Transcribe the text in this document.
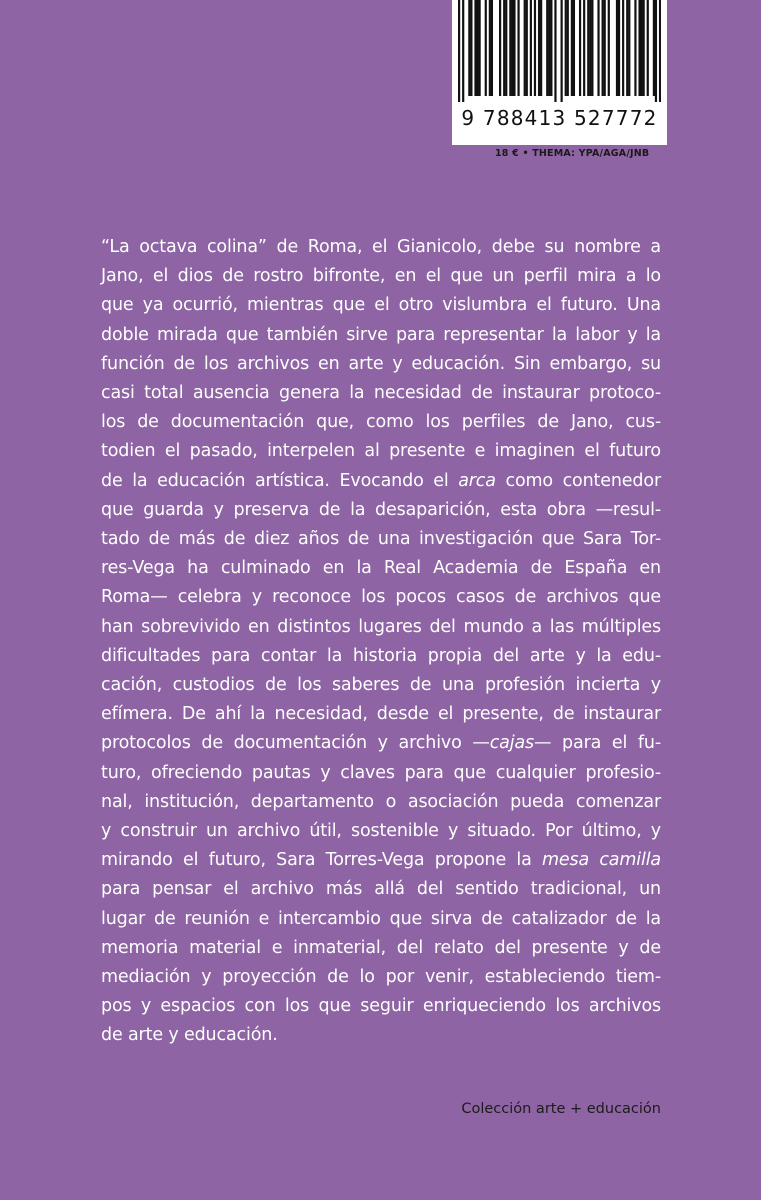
9 788413 527772
18 € • THEMA: YPA/AGA/JNB
“La octava colina” de Roma, el Gianicolo, debe su nombre a
Jano, el dios de rostro bifronte, en el que un perfil mira a lo
que ya ocurrió, mientras que el otro vislumbra el futuro. Una
doble mirada que también sirve para representar la labor y la
función de los archivos en arte y educación. Sin embargo, su
casi total ausencia genera la necesidad de instaurar protoco-
los de documentación que, como los perfiles de Jano, cus-
todien el pasado, interpelen al presente e imaginen el futuro
de la educación artística. Evocando el arca como contenedor
que guarda y preserva de la desaparición, esta obra —resul-
tado de más de diez años de una investigación que Sara Tor-
res-Vega ha culminado en la Real Academia de España en
Roma— celebra y reconoce los pocos casos de archivos que
han sobrevivido en distintos lugares del mundo a las múltiples
dificultades para contar la historia propia del arte y la edu-
cación, custodios de los saberes de una profesión incierta y
efímera. De ahí la necesidad, desde el presente, de instaurar
protocolos de documentación y archivo —cajas— para el fu-
turo, ofreciendo pautas y claves para que cualquier profesio-
nal, institución, departamento o asociación pueda comenzar
y construir un archivo útil, sostenible y situado. Por último, y
mirando el futuro, Sara Torres-Vega propone la mesa camilla
para pensar el archivo más allá del sentido tradicional, un
lugar de reunión e intercambio que sirva de catalizador de la
memoria material e inmaterial, del relato del presente y de
mediación y proyección de lo por venir, estableciendo tiem-
pos y espacios con los que seguir enriqueciendo los archivos
de arte y educación.
Colección arte + educación
